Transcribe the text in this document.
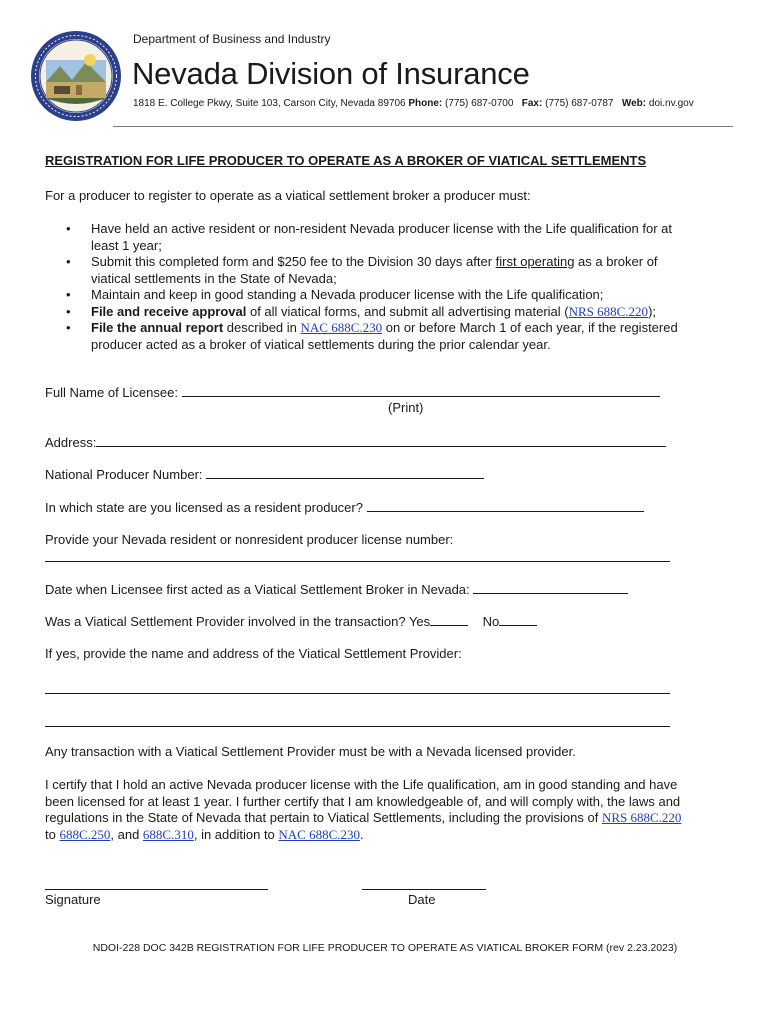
Department of Business and Industry
Nevada Division of Insurance
1818 E. College Pkwy, Suite 103, Carson City, Nevada 89706 Phone: (775) 687-0700 Fax: (775) 687-0787 Web: doi.nv.gov
REGISTRATION FOR LIFE PRODUCER TO OPERATE AS A BROKER OF VIATICAL SETTLEMENTS
For a producer to register to operate as a viatical settlement broker a producer must:
• Have held an active resident or non-resident Nevada producer license with the Life qualification for at
least 1 year;
• Submit this completed form and $250 fee to the Division 30 days after first operating as a broker of
viatical settlements in the State of Nevada;
• Maintain and keep in good standing a Nevada producer license with the Life qualification;
• File and receive approval of all viatical forms, and submit all advertising material (NRS 688C.220);
• File the annual report described in NAC 688C.230 on or before March 1 of each year, if the registered
producer acted as a broker of viatical settlements during the prior calendar year.
Full Name of Licensee:
(Print)
Address:
National Producer Number:
In which state are you licensed as a resident producer?
Provide your Nevada resident or nonresident producer license number:
Date when Licensee first acted as a Viatical Settlement Broker in Nevada:
Was a Viatical Settlement Provider involved in the transaction? Yes	No
If yes, provide the name and address of the Viatical Settlement Provider:
Any transaction with a Viatical Settlement Provider must be with a Nevada licensed provider.
I certify that I hold an active Nevada producer license with the Life qualification, am in good standing and have
been licensed for at least 1 year. I further certify that I am knowledgeable of, and will comply with, the laws and
regulations in the State of Nevada that pertain to Viatical Settlements, including the provisions of NRS 688C.220
to 688C.250, and 688C.310, in addition to NAC 688C.230.
Signature	Date
NDOI-228 DOC 342B REGISTRATION FOR LIFE PRODUCER TO OPERATE AS VIATICAL BROKER FORM (rev 2.23.2023)
